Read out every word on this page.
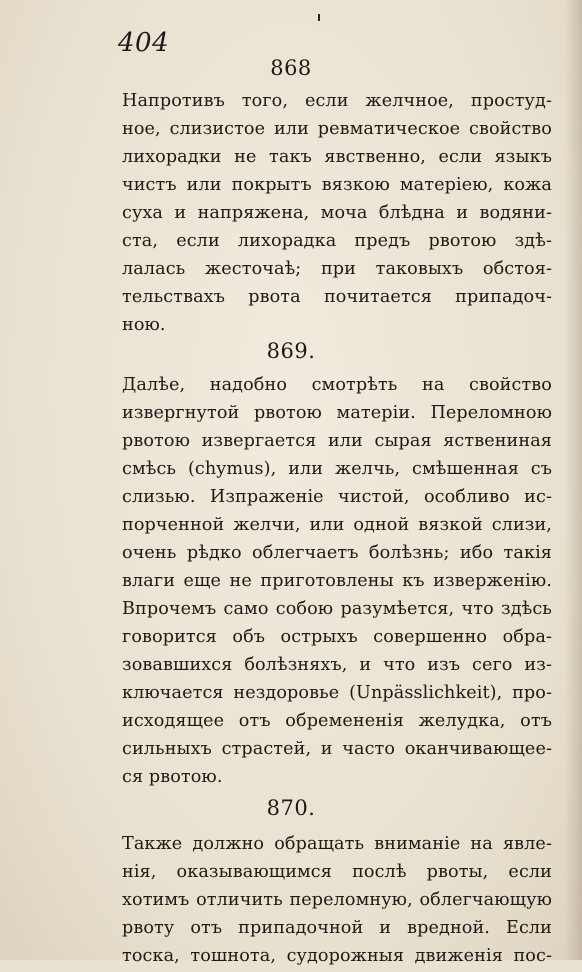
404
868
Напротивъ того, если желчное, простуд-
ное, слизистое или ревматическое свойство
лихорадки не такъ явственно, если языкъ
чистъ или покрытъ вязкою матеріею, кожа
суха и напряжена, моча блѣдна и водяни-
ста, если лихорадка предъ рвотою здѣ-
лалась жесточаѣ; при таковыхъ обстоя-
тельствахъ рвота почитается припадоч-
ною.
869.
Далѣе, надобно смотрѣть на свойство
извергнутой рвотою матеріи. Переломною
рвотою извергается или сырая яствениная
смѣсь (chymus), или желчь, смѣшенная съ
слизью. Изпраженіе чистой, особливо ис-
порченной желчи, или одной вязкой слизи,
очень рѣдко облегчаетъ болѣзнь; ибо такія
влаги еще не приготовлены къ изверженію.
Впрочемъ само собою разумѣется, что здѣсь
говорится объ острыхъ совершенно обра-
зовавшихся болѣзняхъ, и что изъ сего из-
ключается нездоровье (Unpässlichkeit), про-
исходящее отъ обремененія желудка, отъ
сильныхъ страстей, и часто оканчивающее-
ся рвотою.
870.
Также должно обращать вниманіе на явле-
нія, оказывающимся послѣ рвоты, если
хотимъ отличить переломную, облегчающую
рвоту отъ припадочной и вредной. Если
тоска, тошнота, судорожныя движенія пос-
